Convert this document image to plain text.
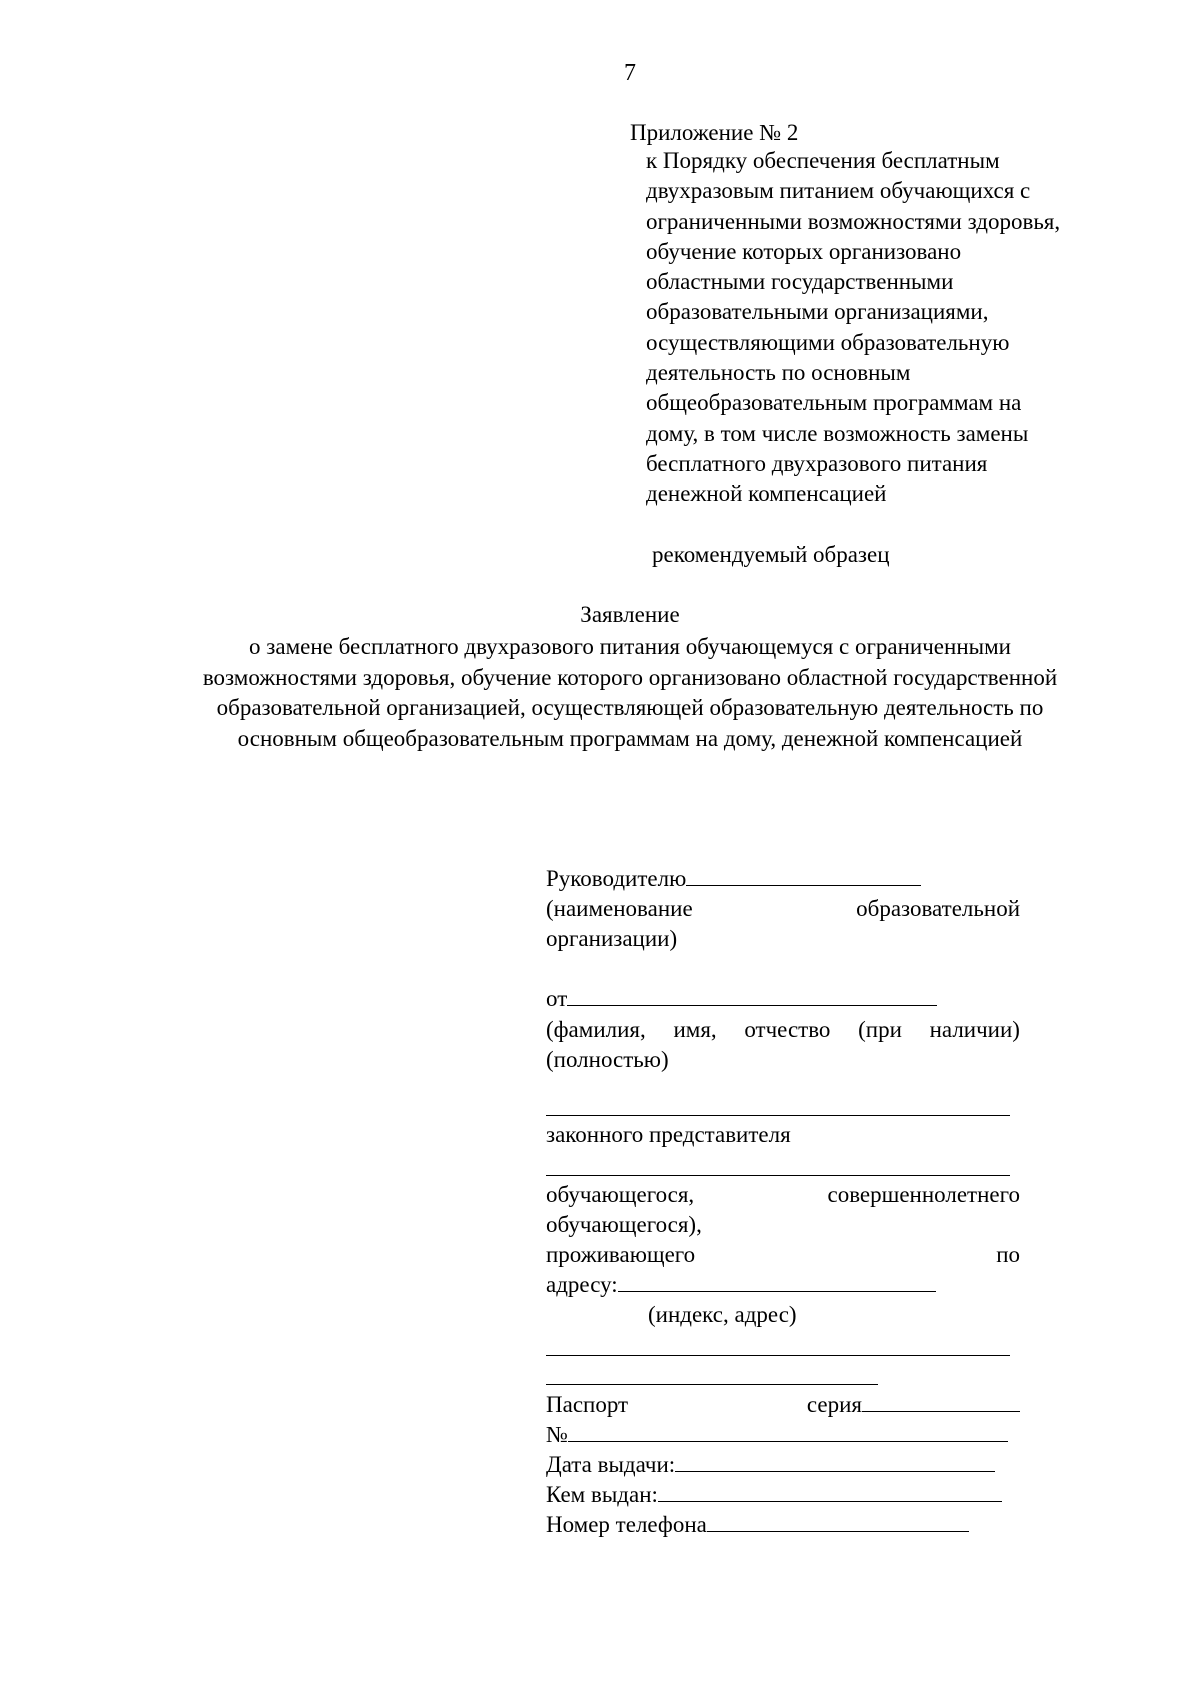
7
Приложение № 2
к Порядку обеспечения бесплатным
двухразовым питанием обучающихся с
ограниченными возможностями здоровья,
обучение которых организовано
областными государственными
образовательными организациями,
осуществляющими образовательную
деятельность по основным
общеобразовательным программам на
дому, в том числе возможность замены
бесплатного двухразового питания
денежной компенсацией
рекомендуемый образец
Заявление
о замене бесплатного двухразового питания обучающемуся с ограниченными
возможностями здоровья, обучение которого организовано областной государственной
образовательной организацией, осуществляющей образовательную деятельность по
основным общеобразовательным программам на дому, денежной компенсацией
Руководителю
(наименование	образовательной
организации)
от
(фамилия, имя, отчество (при наличии)
(полностью)
законного представителя
обучающегося,	совершеннолетнего
обучающегося),
проживающего	по
адресу:
(индекс, адрес)
Паспорт	серия
№
Дата выдачи:
Кем выдан:
Номер телефона
